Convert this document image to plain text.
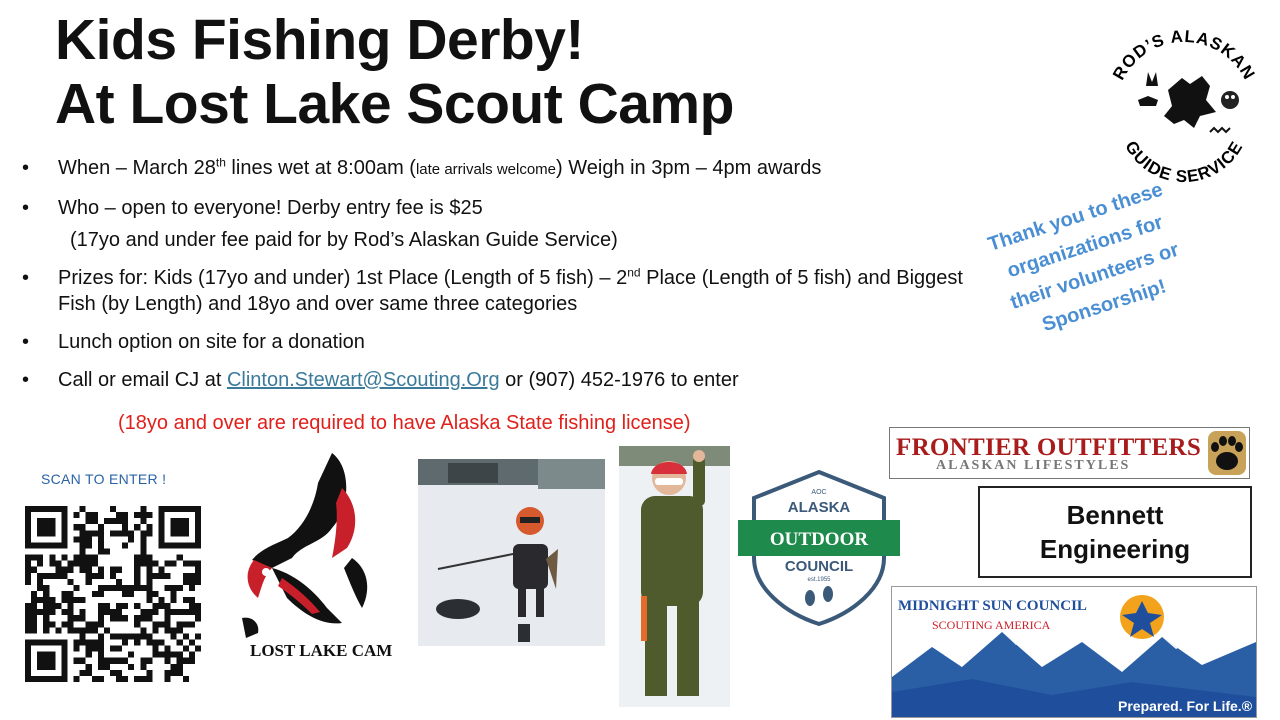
Kids Fishing Derby!
At Lost Lake Scout Camp
• When – March 28th lines wet at 8:00am (late arrivals welcome) Weigh in 3pm – 4pm awards
• Who – open to everyone! Derby entry fee is $25
(17yo and under fee paid for by Rod’s Alaskan Guide Service)
• Prizes for: Kids (17yo and under) 1st Place (Length of 5 fish) – 2nd Place (Length of 5 fish) and Biggest Fish (by Length) and 18yo and over same three categories
• Lunch option on site for a donation
• Call or email CJ at Clinton.Stewart@Scouting.Org or (907) 452-1976 to enter
(18yo and over are required to have Alaska State fishing license)
ROD’S ALASKAN
GUIDE SERVICE
Thank you to these organizations for their volunteers or Sponsorship!
SCAN TO ENTER !
LOST LAKE CAMP
AOC
ALASKA
OUTDOOR
COUNCIL
est.1955
FRONTIER OUTFITTERS
ALASKAN LIFESTYLES
Bennett
Engineering
MIDNIGHT SUN COUNCIL
SCOUTING AMERICA
Prepared. For Life.®
